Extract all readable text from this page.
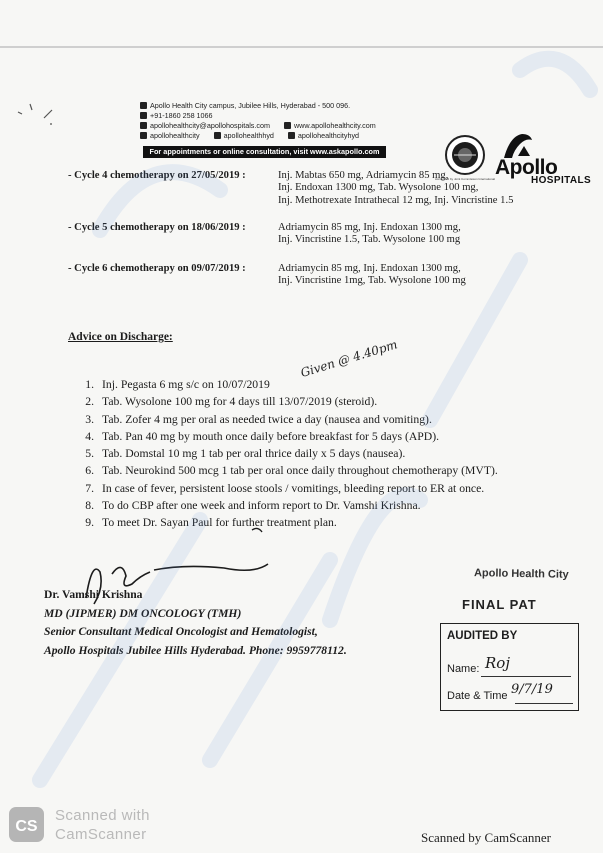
Apollo Health City campus, Jubilee Hills, Hyderabad - 500 096.
+91-1860 258 1066
apollohealthcity@apollohospitals.com	www.apollohealthcity.com
apollohealthcity	apollohealthhyd	apollohealthcityhyd
For appointments or online consultation, visit www.askapollo.com
Accredited by Joint Commission International Apollo
HOSPITALS
- Cycle 4 chemotherapy on 27/05/2019 :	Inj. Mabtas 650 mg, Adriamycin 85 mg,
Inj. Endoxan 1300 mg, Tab. Wysolone 100 mg,
Inj. Methotrexate Intrathecal 12 mg, Inj. Vincristine 1.5
- Cycle 5 chemotherapy on 18/06/2019 :	Adriamycin 85 mg, Inj. Endoxan 1300 mg,
Inj. Vincristine 1.5, Tab. Wysolone 100 mg
- Cycle 6 chemotherapy on 09/07/2019 :	Adriamycin 85 mg, Inj. Endoxan 1300 mg,
Inj. Vincristine 1mg, Tab. Wysolone 100 mg
Advice on Discharge:
1. Inj. Pegasta 6 mg s/c on 10/07/2019
2. Tab. Wysolone 100 mg for 4 days till 13/07/2019 (steroid).
3. Tab. Zofer 4 mg per oral as needed twice a day (nausea and vomiting).
4. Tab. Pan 40 mg by mouth once daily before breakfast for 5 days (APD).
5. Tab. Domstal 10 mg 1 tab per oral thrice daily x 5 days (nausea).
6. Tab. Neurokind 500 mcg 1 tab per oral once daily throughout chemotherapy (MVT).
7. In case of fever, persistent loose stools / vomitings, bleeding report to ER at once.
8. To do CBP after one week and inform report to Dr. Vamshi Krishna.
9. To meet Dr. Sayan Paul for further treatment plan.
Given @ 4.40pm
Dr. Vamshi Krishna
MD (JIPMER) DM ONCOLOGY (TMH)
Senior Consultant Medical Oncologist and Hematologist,
Apollo Hospitals Jubilee Hills Hyderabad. Phone: 9959778112.
Apollo Health City
FINAL PAT
AUDITED BY
Name: Roj
Date & Time 9/7/19
CS
Scanned with
CamScanner	Scanned by CamScanner
